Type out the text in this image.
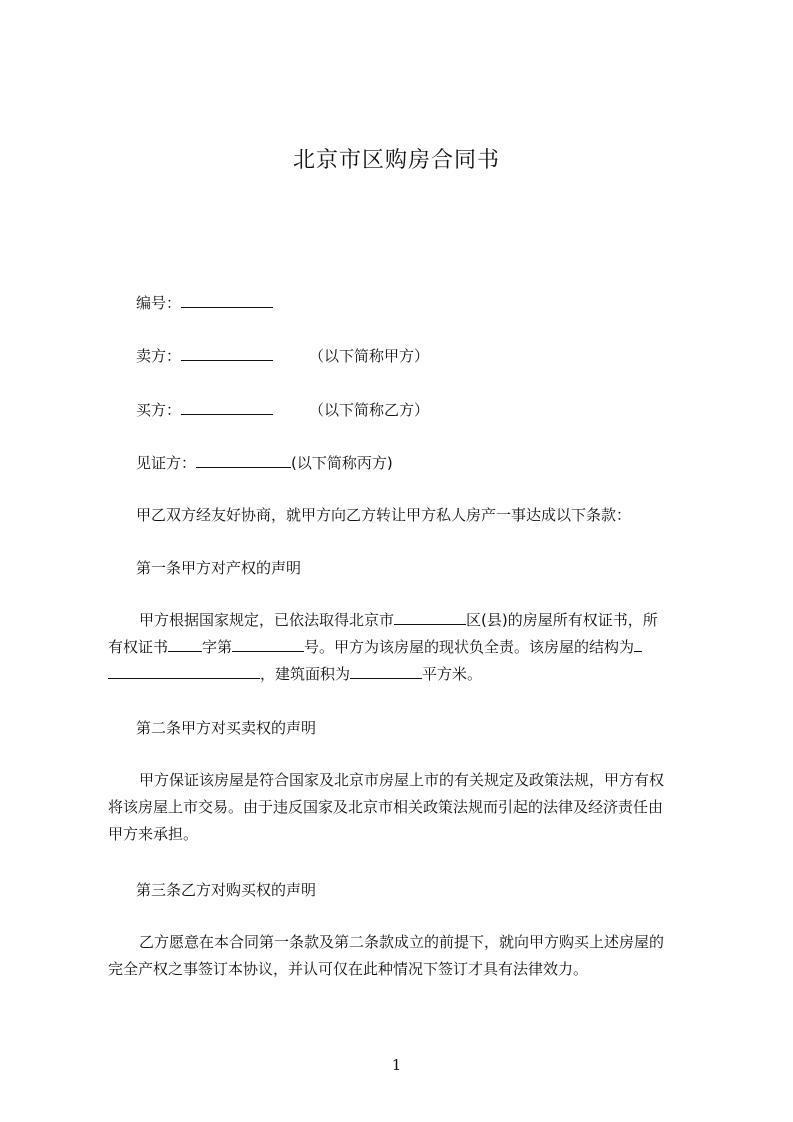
北京市区购房合同书
编号：
卖方：	（以下简称甲方）
买方：	（以下简称乙方）
见证方：	(以下简称丙方)
甲乙双方经友好协商，就甲方向乙方转让甲方私人房产一事达成以下条款：
第一条甲方对产权的声明
甲方根据国家规定，已依法取得北京市	区(县)的房屋所有权证书，所
有权证书 字第	号。甲方为该房屋的现状负全责。该房屋的结构为
，建筑面积为	平方米。
第二条甲方对买卖权的声明
甲方保证该房屋是符合国家及北京市房屋上市的有关规定及政策法规，甲方有权
将该房屋上市交易。由于违反国家及北京市相关政策法规而引起的法律及经济责任由
甲方来承担。
第三条乙方对购买权的声明
乙方愿意在本合同第一条款及第二条款成立的前提下，就向甲方购买上述房屋的
完全产权之事签订本协议，并认可仅在此种情况下签订才具有法律效力。
1
